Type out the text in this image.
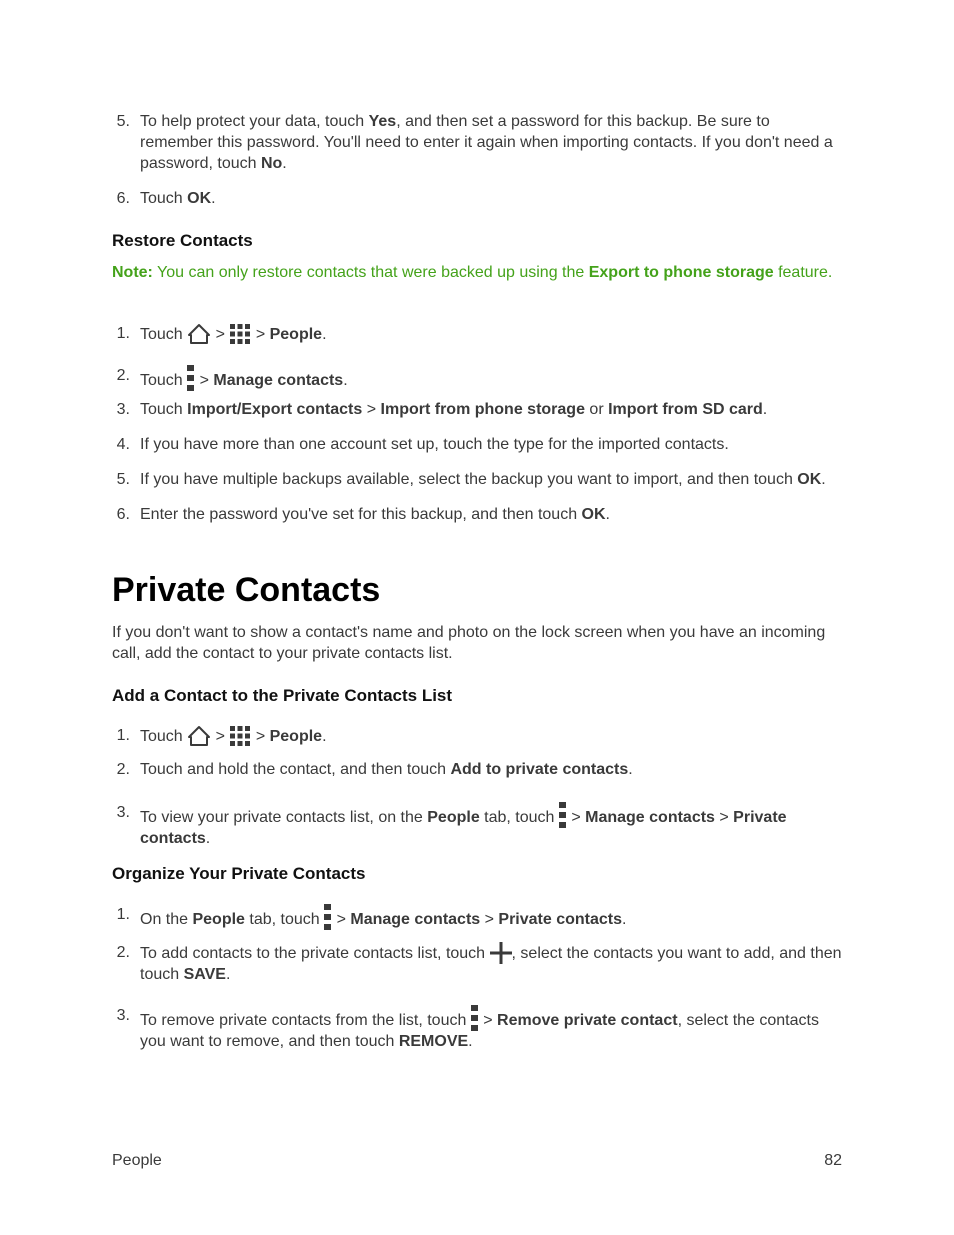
5. To help protect your data, touch Yes, and then set a password for this backup. Be sure to remember this password. You'll need to enter it again when importing contacts. If you don't need a password, touch No.
6. Touch OK.
Restore Contacts
Note: You can only restore contacts that were backed up using the Export to phone storage feature.
1. Touch  >  > People.
2. Touch  > Manage contacts.
3. Touch Import/Export contacts > Import from phone storage or Import from SD card.
4. If you have more than one account set up, touch the type for the imported contacts.
5. If you have multiple backups available, select the backup you want to import, and then touch OK.
6. Enter the password you've set for this backup, and then touch OK.
Private Contacts
If you don't want to show a contact's name and photo on the lock screen when you have an incoming call, add the contact to your private contacts list.
Add a Contact to the Private Contacts List
1. Touch  >  > People.
2. Touch and hold the contact, and then touch Add to private contacts.
3. To view your private contacts list, on the People tab, touch  > Manage contacts > Private contacts.
Organize Your Private Contacts
1. On the People tab, touch  > Manage contacts > Private contacts.
2. To add contacts to the private contacts list, touch , select the contacts you want to add, and then touch SAVE.
3. To remove private contacts from the list, touch  > Remove private contact, select the contacts you want to remove, and then touch REMOVE.
People	82
